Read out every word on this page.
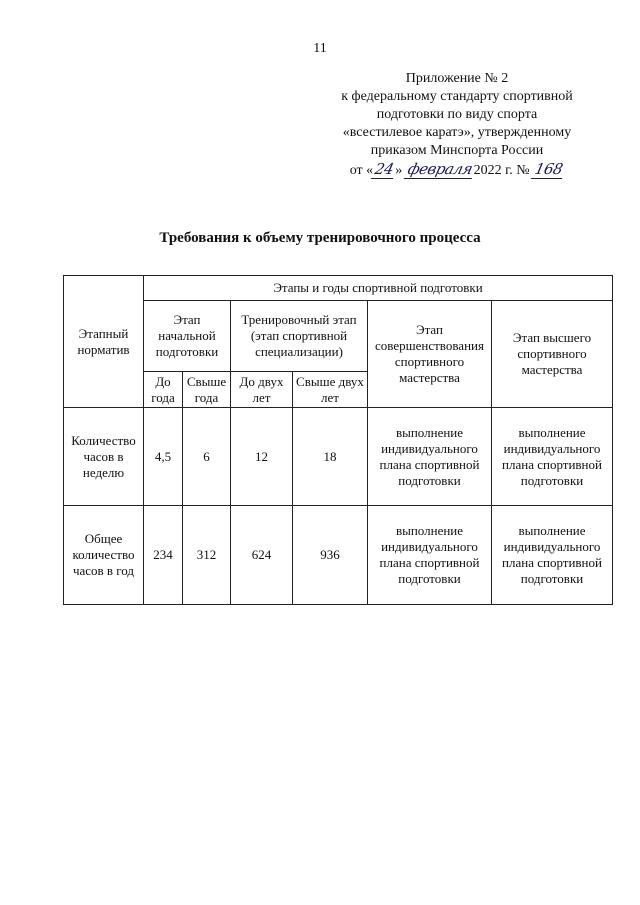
11
Приложение № 2
к федеральному стандарту спортивной
подготовки по виду спорта
«всестилевое каратэ», утвержденному
приказом Минспорта России
от «24» февраля2022 г. № 168
Требования к объему тренировочного процесса
Этапный норматив	Этапы и годы спортивной подготовки					
	Этап начальной подготовки		Тренировочный этап (этап спортивной специализации)		Этап совершенствования спортивного мастерства	Этап высшего спортивного мастерства
	До года	Свыше года	До двух лет	Свыше двух лет		
Количество часов в неделю	4,5	6	12	18	выполнение индивидуального плана спортивной подготовки	выполнение индивидуального плана спортивной подготовки
Общее количество часов в год	234	312	624	936	выполнение индивидуального плана спортивной подготовки	выполнение индивидуального плана спортивной подготовки
